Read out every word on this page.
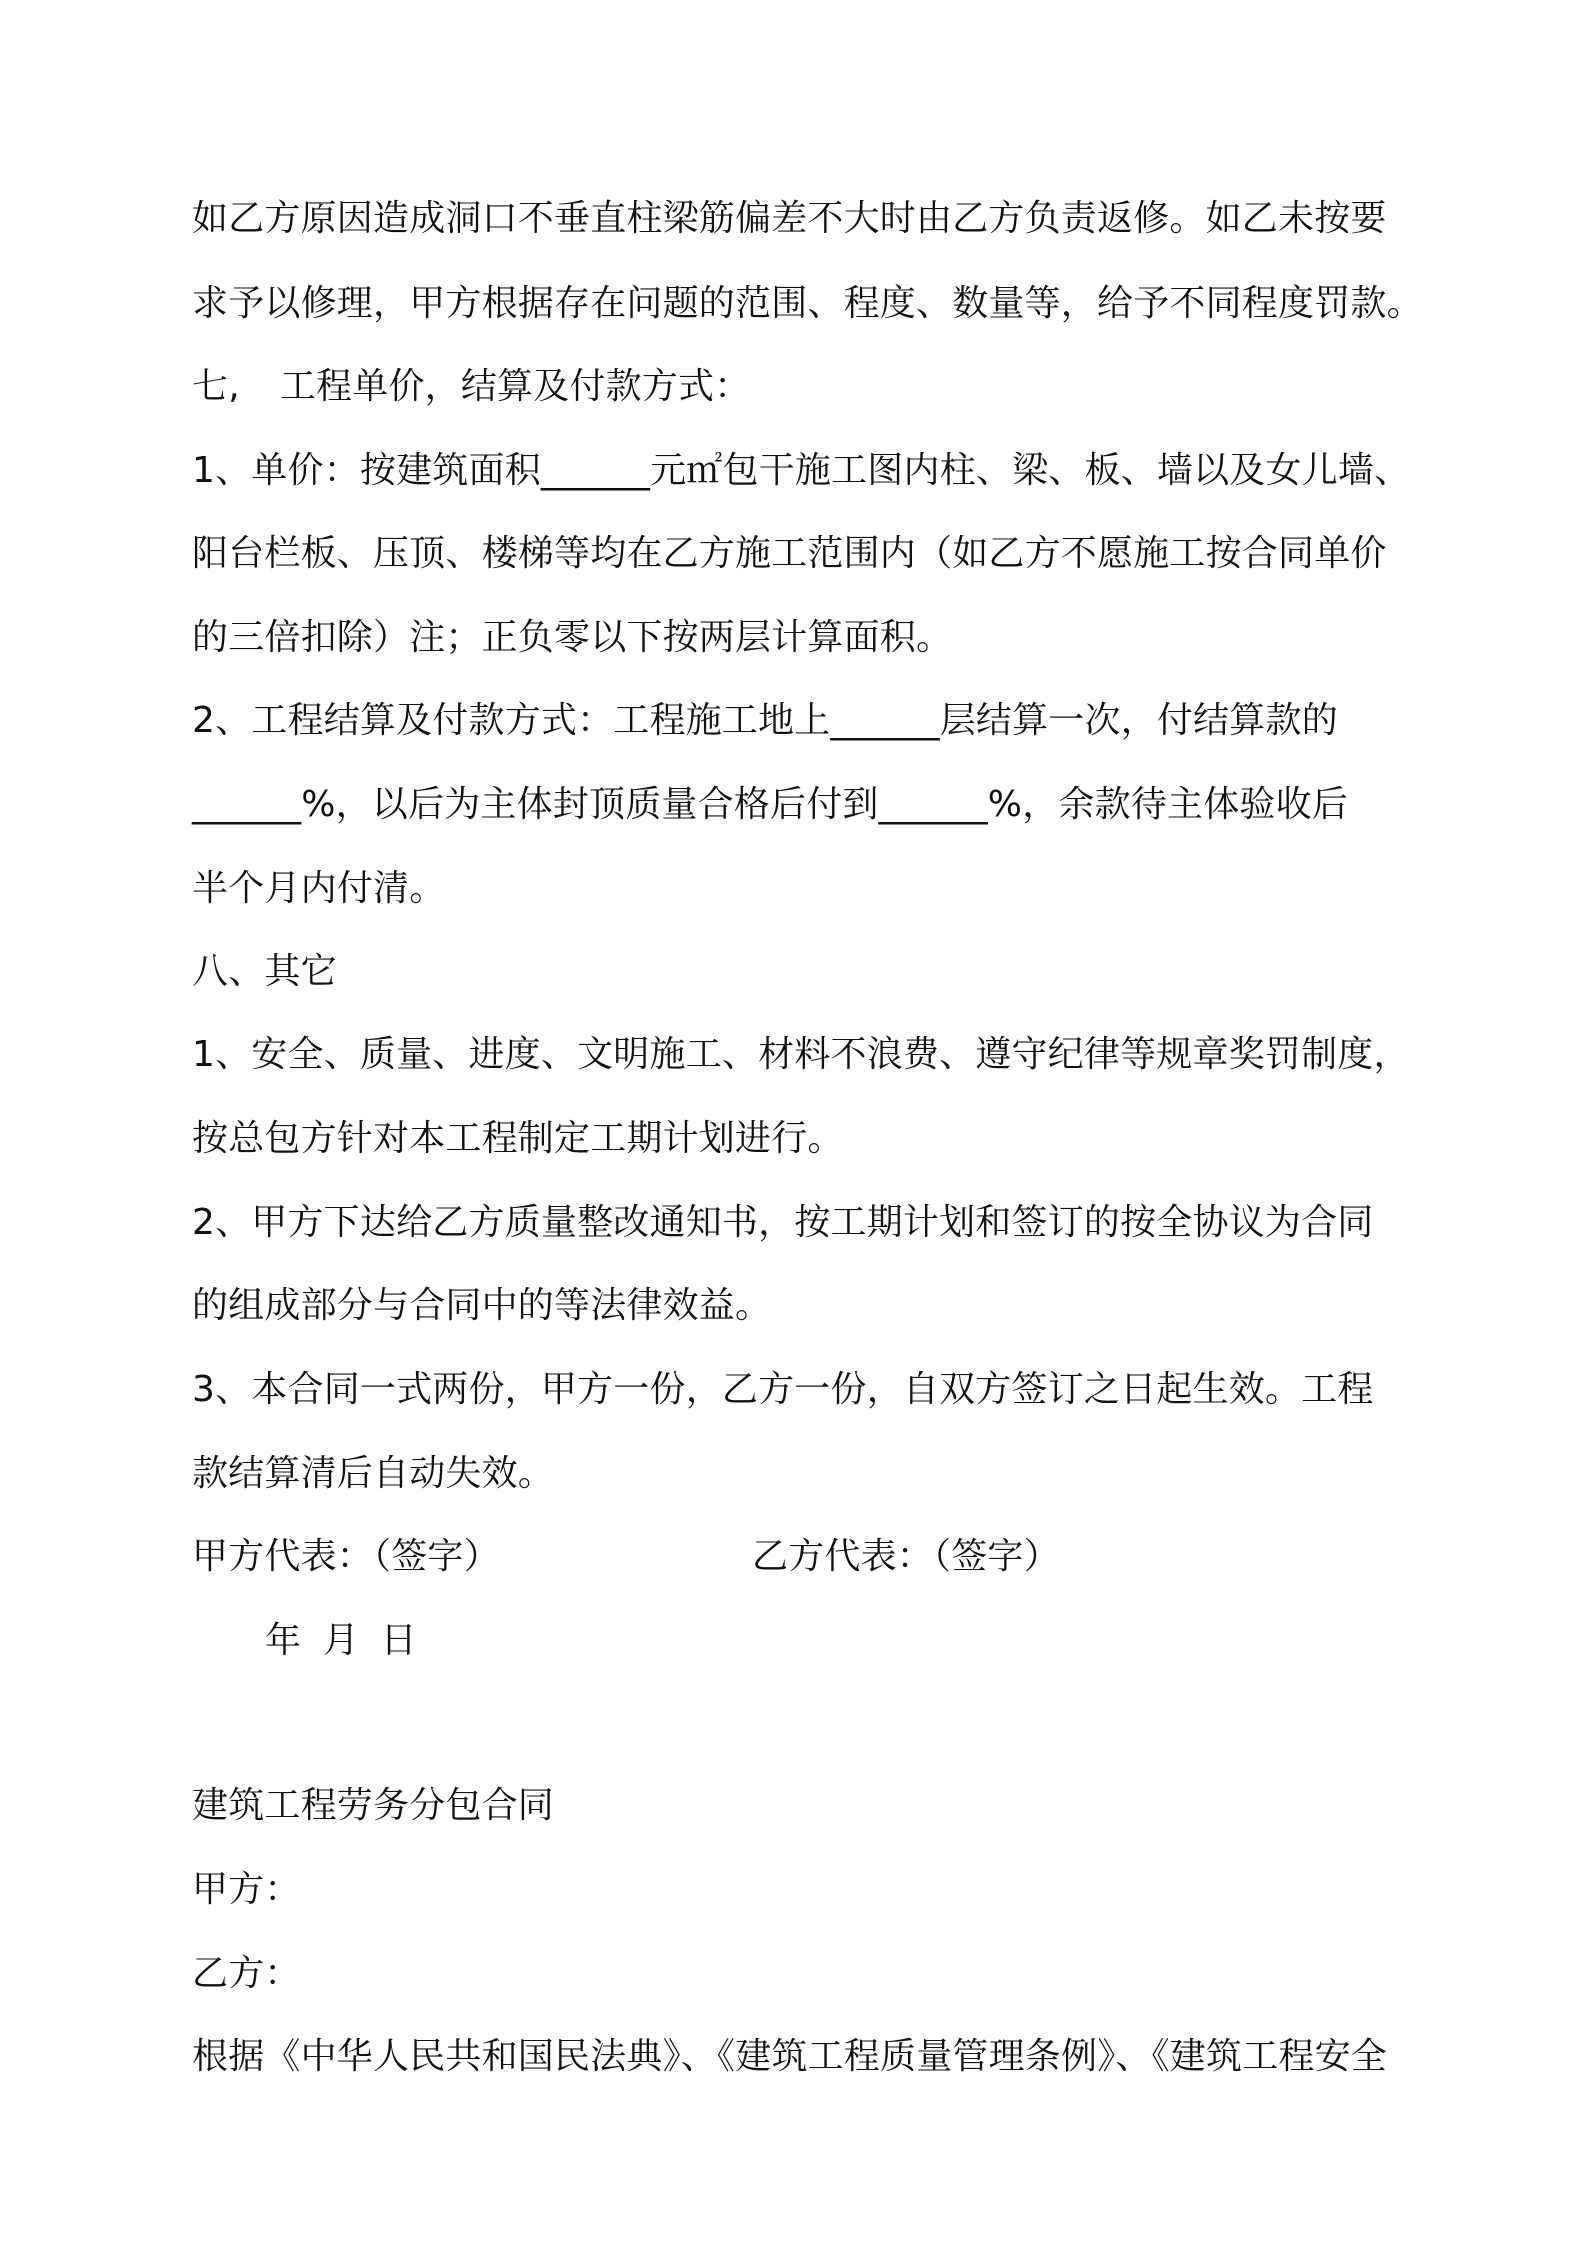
如乙方原因造成洞口不垂直柱梁筋偏差不大时由乙方负责返修。如乙未按要
求予以修理，甲方根据存在问题的范围、程度、数量等，给予不同程度罚款。
七, 工程单价，结算及付款方式：
1、单价：按建筑面积______元㎡包干施工图内柱、梁、板、墙以及女儿墙、
阳台栏板、压顶、楼梯等均在乙方施工范围内（如乙方不愿施工按合同单价
的三倍扣除）注；正负零以下按两层计算面积。
2、工程结算及付款方式：工程施工地上______层结算一次，付结算款的
______%，以后为主体封顶质量合格后付到______%，余款待主体验收后
半个月内付清。
八、其它
1、安全、质量、进度、文明施工、材料不浪费、遵守纪律等规章奖罚制度，
按总包方针对本工程制定工期计划进行。
2、甲方下达给乙方质量整改通知书，按工期计划和签订的按全协议为合同
的组成部分与合同中的等法律效益。
3、本合同一式两份，甲方一份，乙方一份，自双方签订之日起生效。工程
款结算清后自动失效。
甲方代表：（签字）	乙方代表：（签字）
年 月 日
建筑工程劳务分包合同
甲方：
乙方：
根据《中华人民共和国民法典》、《建筑工程质量管理条例》、《建筑工程安全
